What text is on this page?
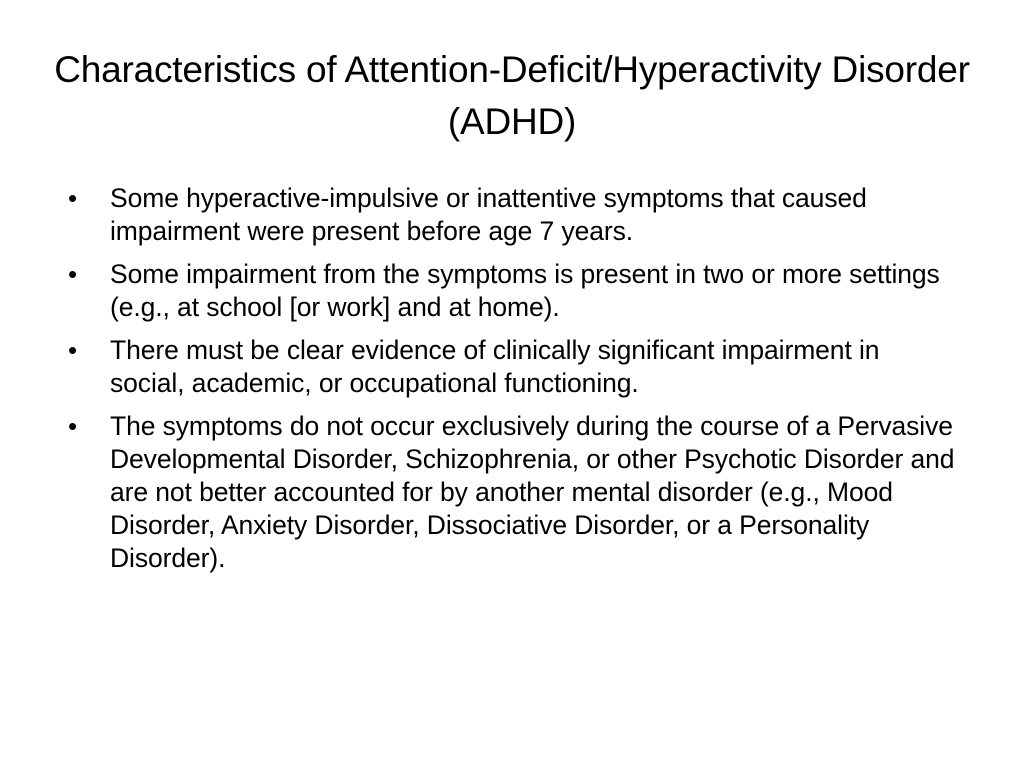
Characteristics of Attention-Deficit/Hyperactivity Disorder (ADHD)
•	Some hyperactive-impulsive or inattentive symptoms that caused impairment were present before age 7 years.
•	Some impairment from the symptoms is present in two or more settings (e.g., at school [or work] and at home).
•	There must be clear evidence of clinically significant impairment in social, academic, or occupational functioning.
•	The symptoms do not occur exclusively during the course of a Pervasive Developmental Disorder, Schizophrenia, or other Psychotic Disorder and are not better accounted for by another mental disorder (e.g., Mood Disorder, Anxiety Disorder, Dissociative Disorder, or a Personality Disorder).
